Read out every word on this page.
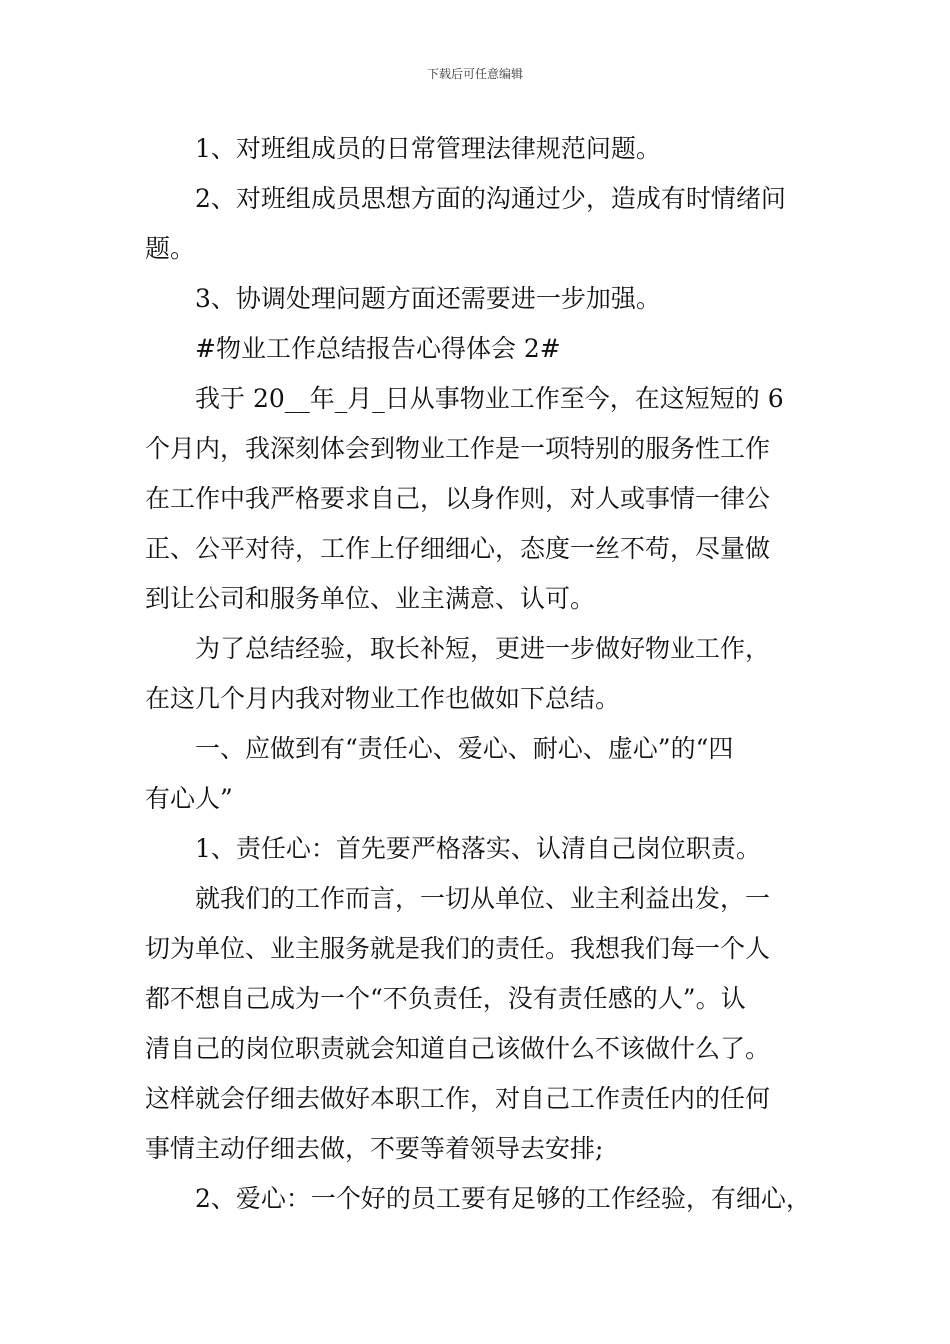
下载后可任意编辑

1、对班组成员的日常管理法律规范问题。

2、对班组成员思想方面的沟通过少，造成有时情绪问
题。

3、协调处理问题方面还需要进一步加强。

#物业工作总结报告心得体会 2#

我于 20__年_月_日从事物业工作至今，在这短短的 6
个月内，我深刻体会到物业工作是一项特别的服务性工作
在工作中我严格要求自己，以身作则，对人或事情一律公
正、公平对待，工作上仔细细心，态度一丝不苟，尽量做
到让公司和服务单位、业主满意、认可。

为了总结经验，取长补短，更进一步做好物业工作，
在这几个月内我对物业工作也做如下总结。

一、应做到有“责任心、爱心、耐心、虚心”的“四
有心人”

1、责任心：首先要严格落实、认清自己岗位职责。

就我们的工作而言，一切从单位、业主利益出发，一
切为单位、业主服务就是我们的责任。我想我们每一个人
都不想自己成为一个“不负责任，没有责任感的人”。认
清自己的岗位职责就会知道自己该做什么不该做什么了。
这样就会仔细去做好本职工作，对自己工作责任内的任何
事情主动仔细去做，不要等着领导去安排;

2、爱心：一个好的员工要有足够的工作经验，有细心，
